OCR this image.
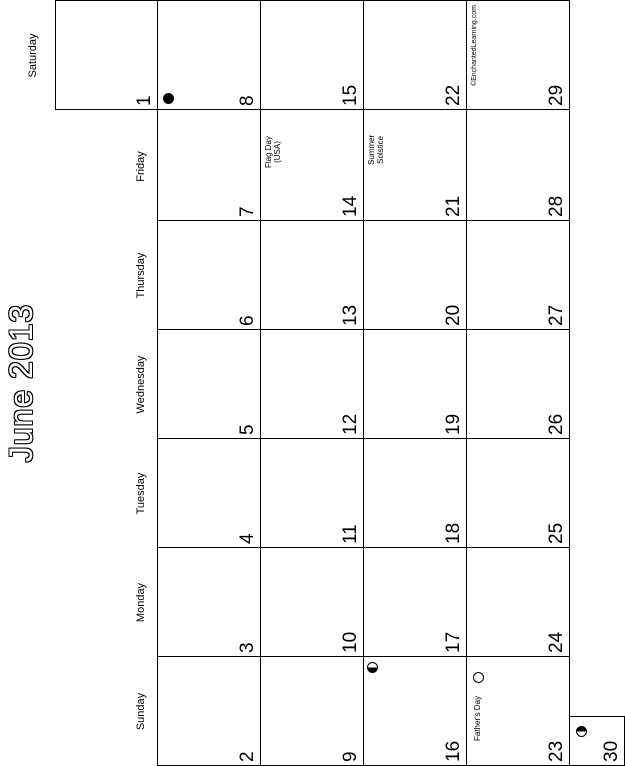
June 2013
Sunday
Monday
Tuesday
Wednesday
Thursday
Friday
Saturday
1
2
3
4
5
6
7
8
9
10
11
12
13
Flag Day
(USA)
14
15
16
17
18
19
20
Summer
Solstice
21
22
Father's Day
23
24
25
26
27
28
©EnchantedLearning.com
29
30
